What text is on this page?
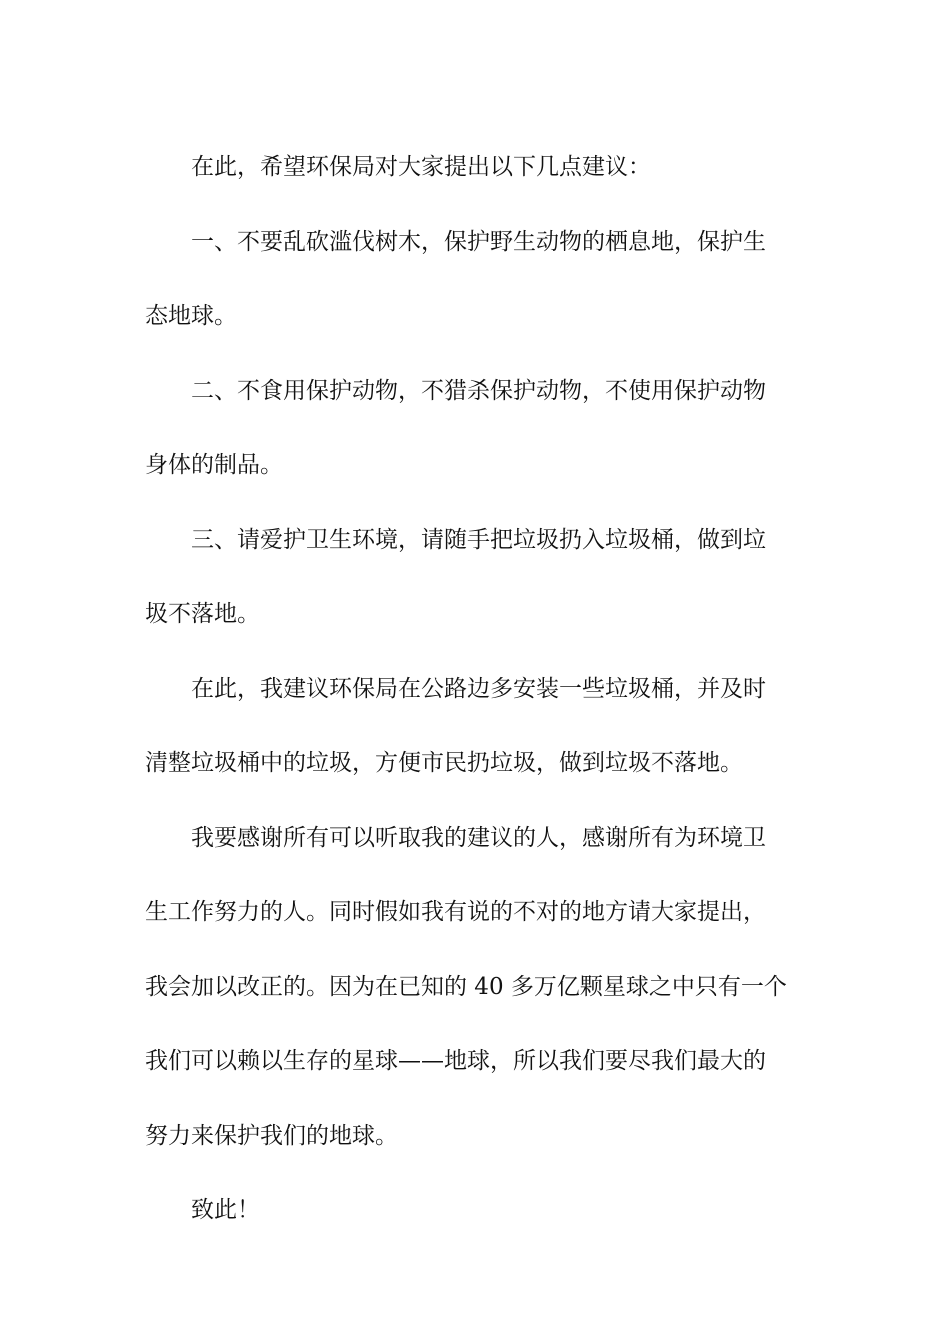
在此，希望环保局对大家提出以下几点建议：
一、不要乱砍滥伐树木，保护野生动物的栖息地，保护生
态地球。
二、不食用保护动物，不猎杀保护动物，不使用保护动物
身体的制品。
三、请爱护卫生环境，请随手把垃圾扔入垃圾桶，做到垃
圾不落地。
在此，我建议环保局在公路边多安装一些垃圾桶，并及时
清整垃圾桶中的垃圾，方便市民扔垃圾，做到垃圾不落地。
我要感谢所有可以听取我的建议的人，感谢所有为环境卫
生工作努力的人。同时假如我有说的不对的地方请大家提出，
我会加以改正的。因为在已知的 40 多万亿颗星球之中只有一个
我们可以赖以生存的星球——地球，所以我们要尽我们最大的
努力来保护我们的地球。
致此！
